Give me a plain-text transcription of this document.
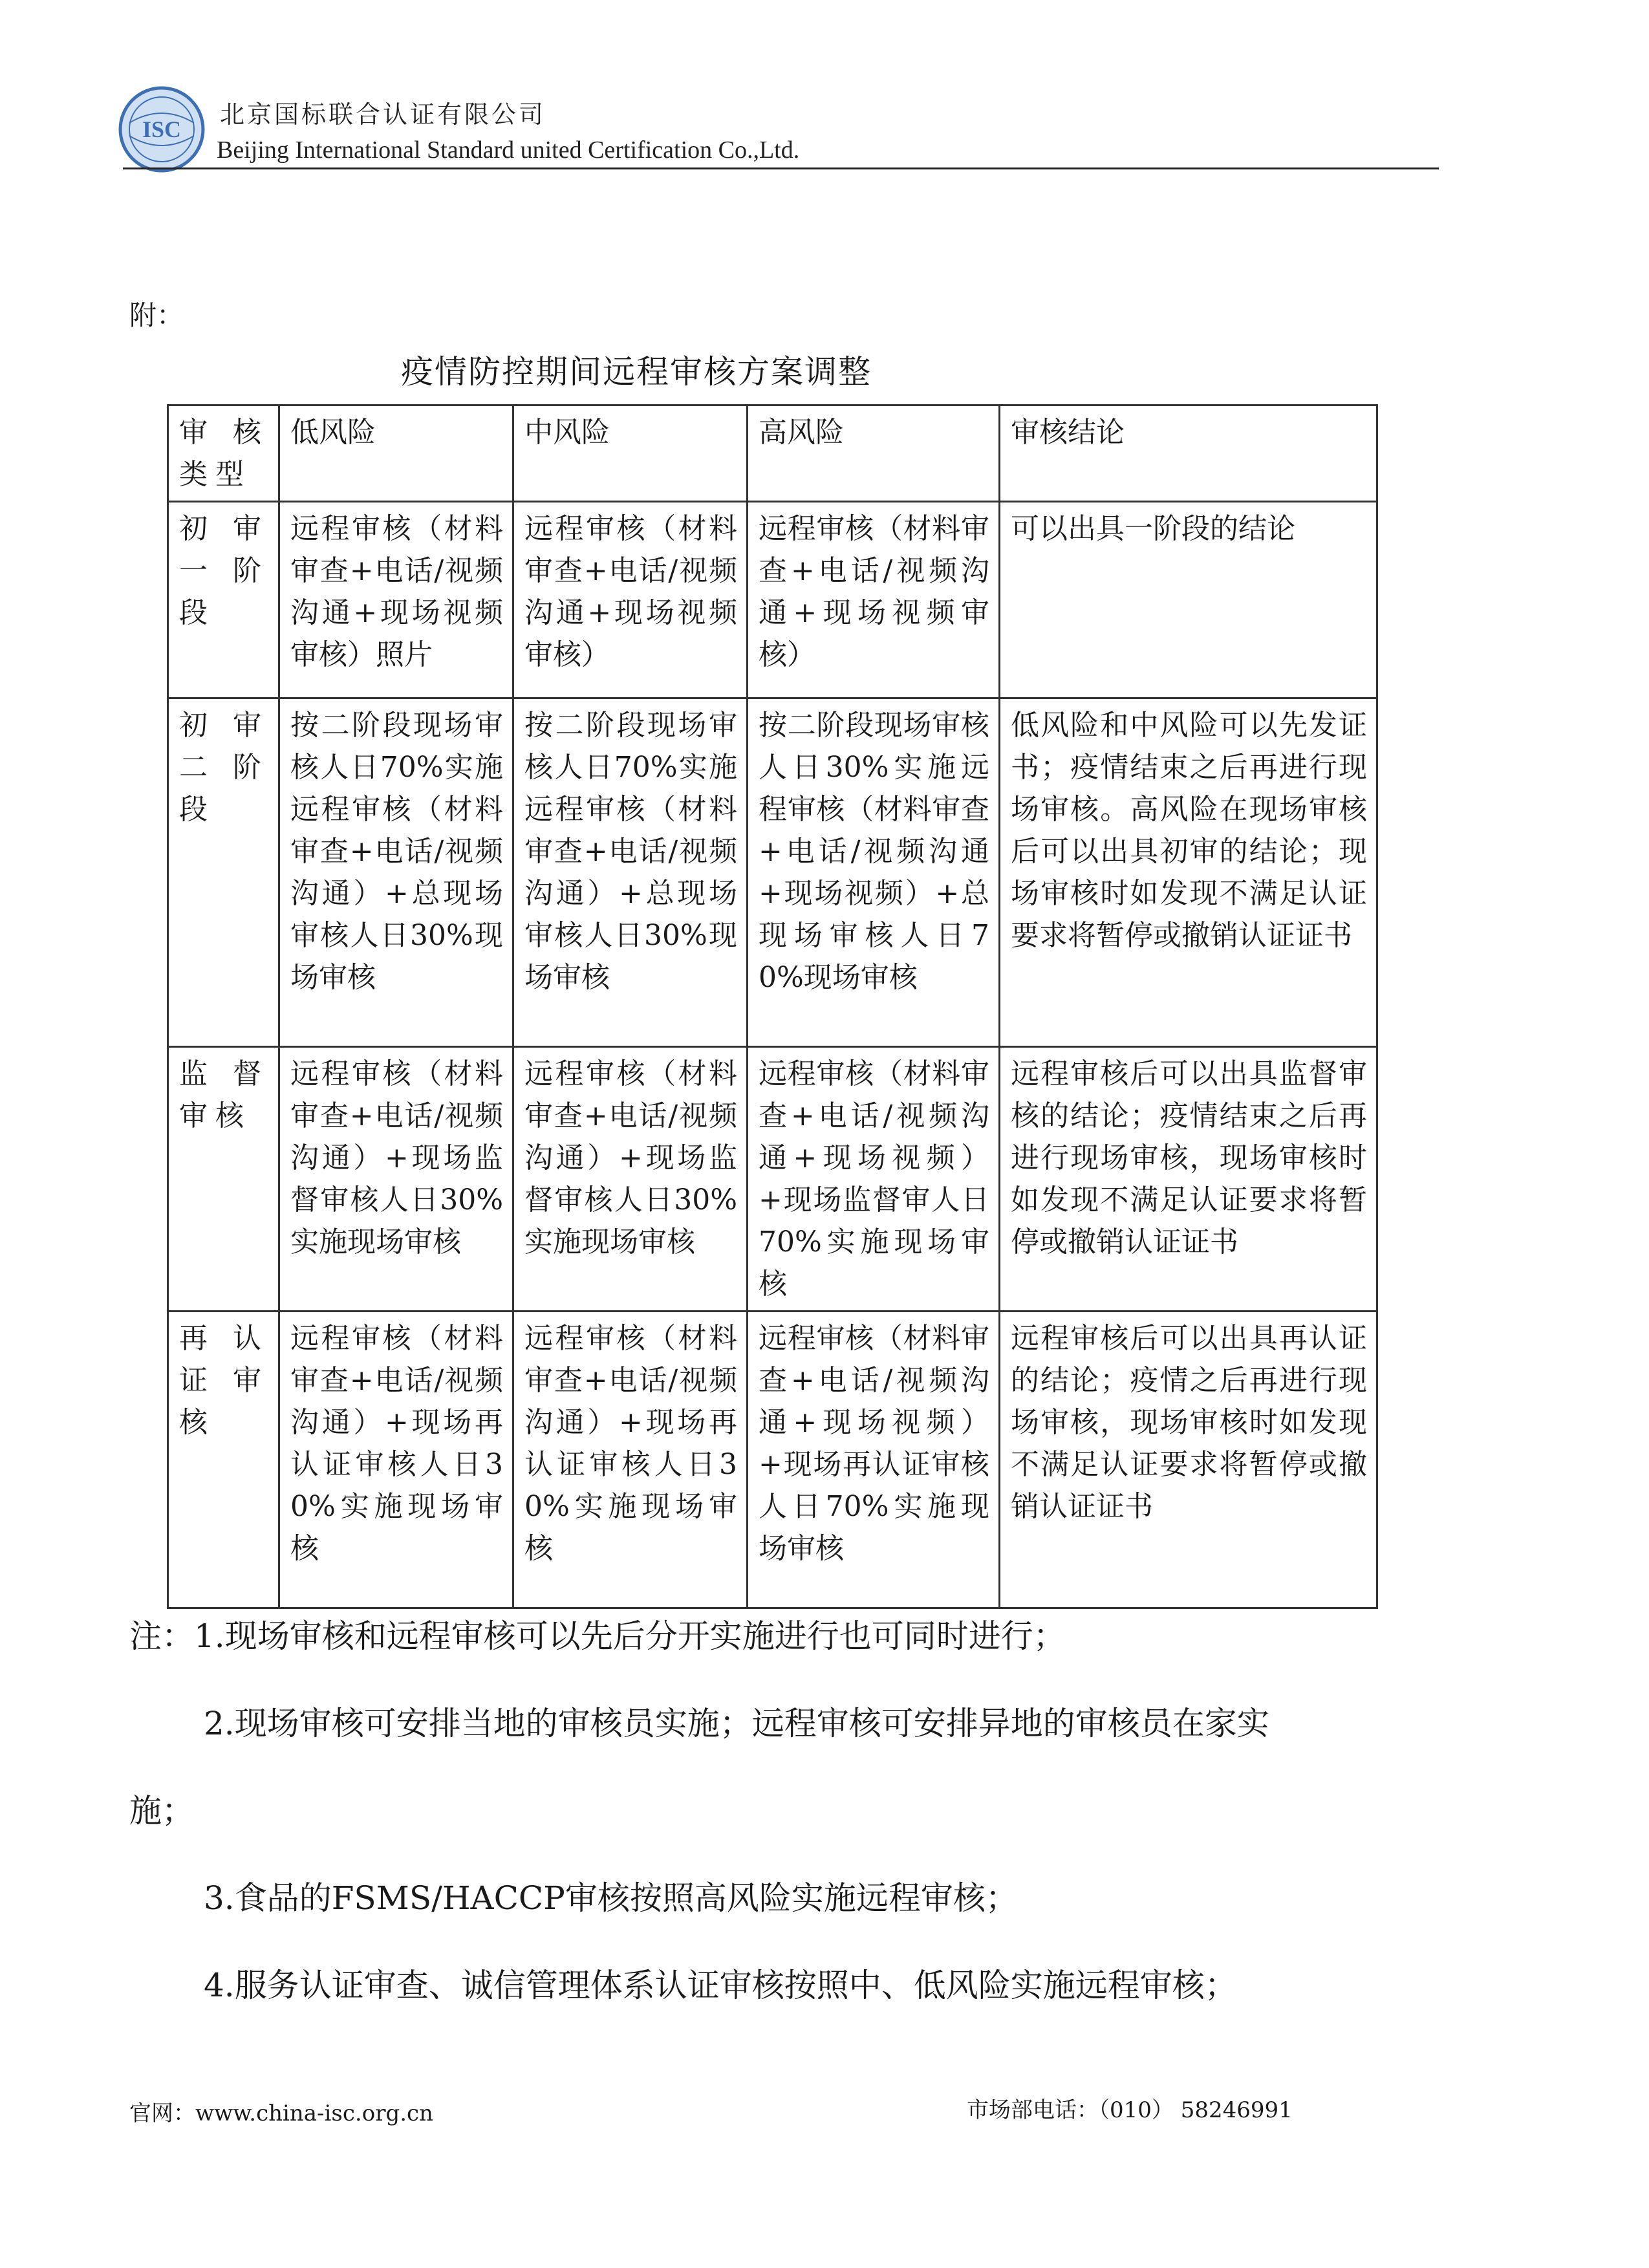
ISC
北京国标联合认证有限公司
Beijing International Standard united Certification Co.,Ltd.
附：
疫情防控期间远程审核方案调整
审核类型	低风险	中风险	高风险	审核结论
初审一阶段	远程审核（材料审查+电话/视频沟通+现场视频审核）照片	远程审核（材料审查+电话/视频沟通+现场视频审核）	远程审核（材料审查+电话/视频沟通+现场视频审核）	可以出具一阶段的结论
初审二阶段	按二阶段现场审核人日70%实施远程审核（材料审查+电话/视频沟通）+总现场审核人日30%现场审核	按二阶段现场审核人日70%实施远程审核（材料审查+电话/视频沟通）+总现场审核人日30%现场审核	按二阶段现场审核人日30%实施远程审核（材料审查+电话/视频沟通+现场视频）+总现场审核人日70%现场审核	低风险和中风险可以先发证书；疫情结束之后再进行现场审核。高风险在现场审核后可以出具初审的结论；现场审核时如发现不满足认证要求将暂停或撤销认证证书
监督审核	远程审核（材料审查+电话/视频沟通）+现场监督审核人日30%实施现场审核	远程审核（材料审查+电话/视频沟通）+现场监督审核人日30%实施现场审核	远程审核（材料审查+电话/视频沟通+现场视频）+现场监督审人日70%实施现场审核	远程审核后可以出具监督审核的结论；疫情结束之后再进行现场审核，现场审核时如发现不满足认证要求将暂停或撤销认证证书
再认证审核	远程审核（材料审查+电话/视频沟通）+现场再认证审核人日30%实施现场审核	远程审核（材料审查+电话/视频沟通）+现场再认证审核人日30%实施现场审核	远程审核（材料审查+电话/视频沟通+现场视频）+现场再认证审核人日70%实施现场审核	远程审核后可以出具再认证的结论；疫情之后再进行现场审核，现场审核时如发现不满足认证要求将暂停或撤销认证证书
注：1.现场审核和远程审核可以先后分开实施进行也可同时进行；
2.现场审核可安排当地的审核员实施；远程审核可安排异地的审核员在家实
施；
3.食品的FSMS/HACCP审核按照高风险实施远程审核；
4.服务认证审查、诚信管理体系认证审核按照中、低风险实施远程审核；
官网：www.china-isc.org.cn	市场部电话：（010） 58246991
